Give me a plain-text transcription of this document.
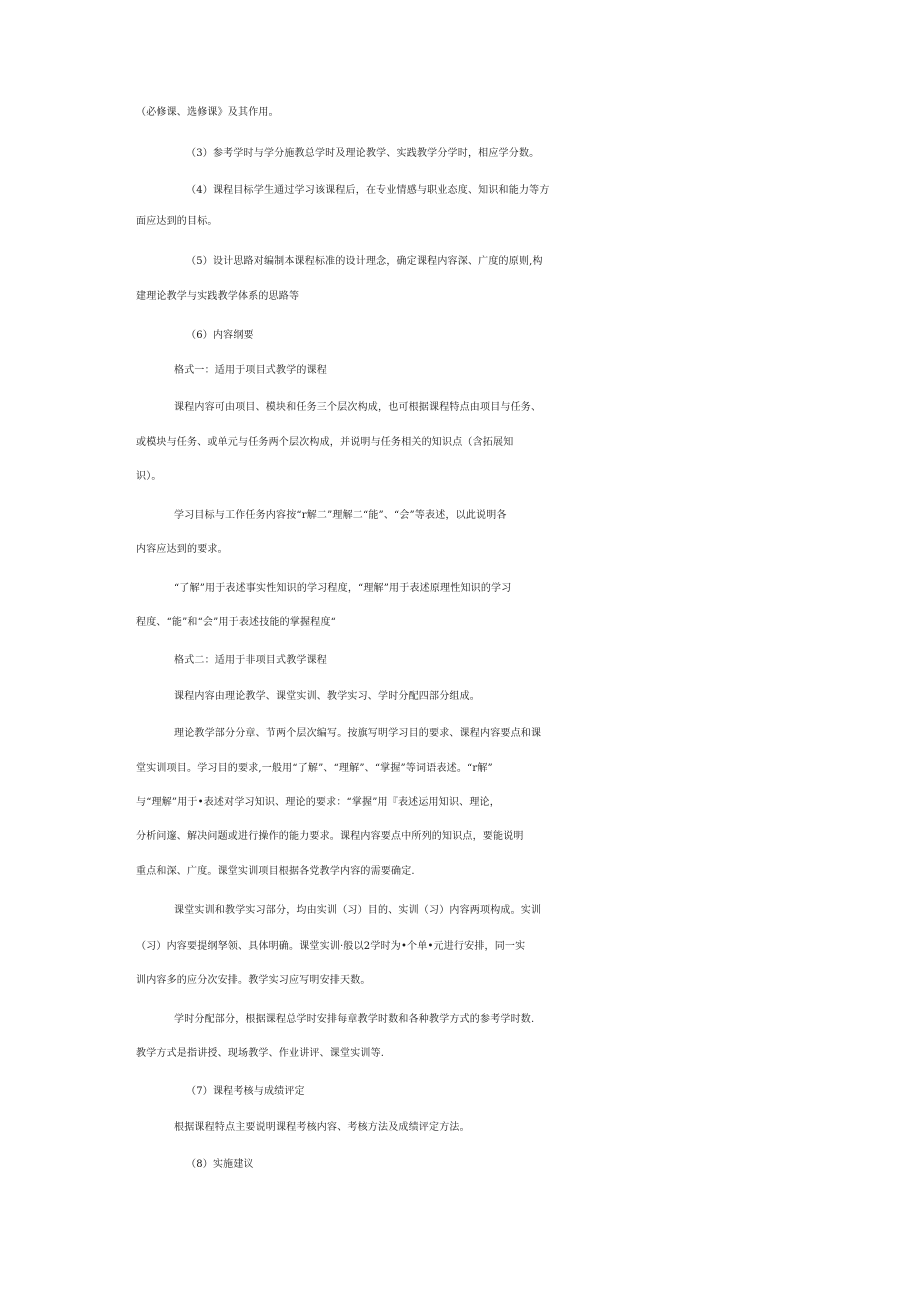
（必修课、选修课》及其作用。
（3）参考学时与学分施教总学时及理论教学、实践教学分学时，相应学分数。
（4）课程目标学生通过学习该课程后，在专业情感与职业态度、知识和能力等方
面应达到的目标。
（5）设计思路对编制本课程标准的设计理念，确定课程内容深、广度的原则,构
建理论教学与实践教学体系的思路等
（6）内容纲要
格式一：适用于项目式教学的课程
课程内容可由项目、模块和任务三个层次构成，也可根据课程特点由项目与任务、
或模块与任务、或单元与任务两个层次构成，并说明与任务相关的知识点（含拓展知
识）。
学习目标与工作任务内容按“r解二”理解二“能”、“会”等表述，以此说明各
内容应达到的要求。
“了解”用于表述事实性知识的学习程度，“理解”用于表述原理性知识的学习
程度、“能”和“会”用于表述技能的掌握程度“
格式二：适用于非项目式教学课程
课程内容由理论教学、课堂实训、教学实习、学时分配四部分组成。
理论教学部分分章、节两个层次编写。按旗写明学习目的要求、课程内容要点和课
堂实训项目。学习目的要求,一般用“了解”、“理解”、“掌握”等词语表述。“r解”
与“理解”用于•表述对学习知识、理论的要求：“掌握”用『表述运用知识、理论，
分析问邃、解决问题或进行操作的能力要求。课程内容要点中所列的知识点，要能说明
重点和深、广度。课堂实训项目根据各党教学内容的需要确定.
课堂实训和教学实习部分，均由实训（习）目的、实训（习）内容两项构成。实训
（习）内容要提纲孥领、具体明确。课堂实训·般以2学时为•个单•元进行安排，同一实
训内容多的应分次安排。教学实习应写明安排天数。
学时分配部分，根据课程总学时安排每章教学时数和各种教学方式的参考学时数.
教学方式是指讲授、现场教学、作业讲评、课堂实训等.
（7）课程考核与成绩评定
根据课程特点主要说明课程考核内容、考核方法及成绩评定方法。
（8）实施建议
